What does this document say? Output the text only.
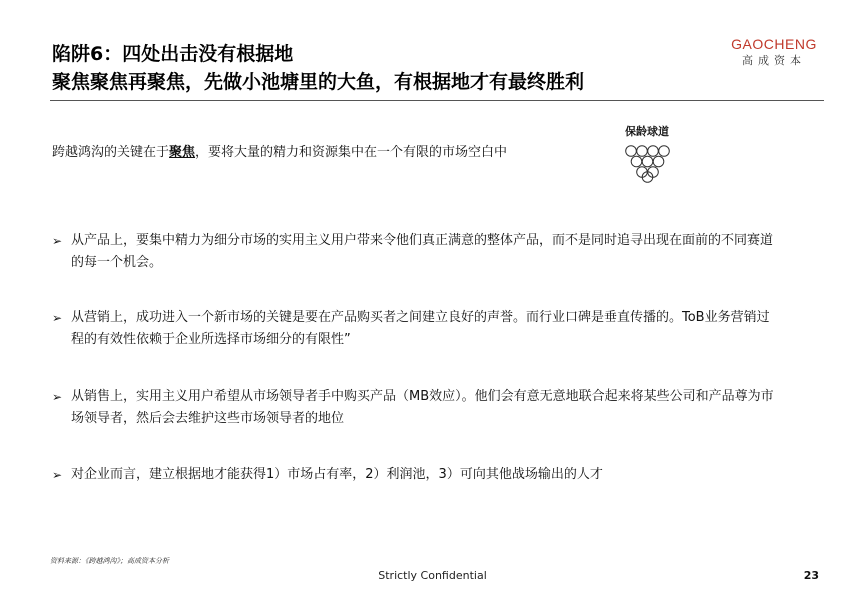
陷阱6：四处出击没有根据地
聚焦聚焦再聚焦，先做小池塘里的大鱼，有根据地才有最终胜利
GAOCHENG
高成资本
跨越鸿沟的关键在于聚焦，要将大量的精力和资源集中在一个有限的市场空白中
保龄球道
➢ 从产品上，要集中精力为细分市场的实用主义用户带来令他们真正满意的整体产品，而不是同时追寻出现在面前的不同赛道的每一个机会。
➢ 从营销上，成功进入一个新市场的关键是要在产品购买者之间建立良好的声誉。而行业口碑是垂直传播的。ToB业务营销过程的有效性依赖于企业所选择市场细分的有限性”
➢ 从销售上，实用主义用户希望从市场领导者手中购买产品（MB效应）。他们会有意无意地联合起来将某些公司和产品尊为市场领导者，然后会去维护这些市场领导者的地位
➢ 对企业而言，建立根据地才能获得1）市场占有率，2）利润池，3）可向其他战场输出的人才
资料来源：《跨越鸿沟》；高成资本分析
Strictly Confidential	23
